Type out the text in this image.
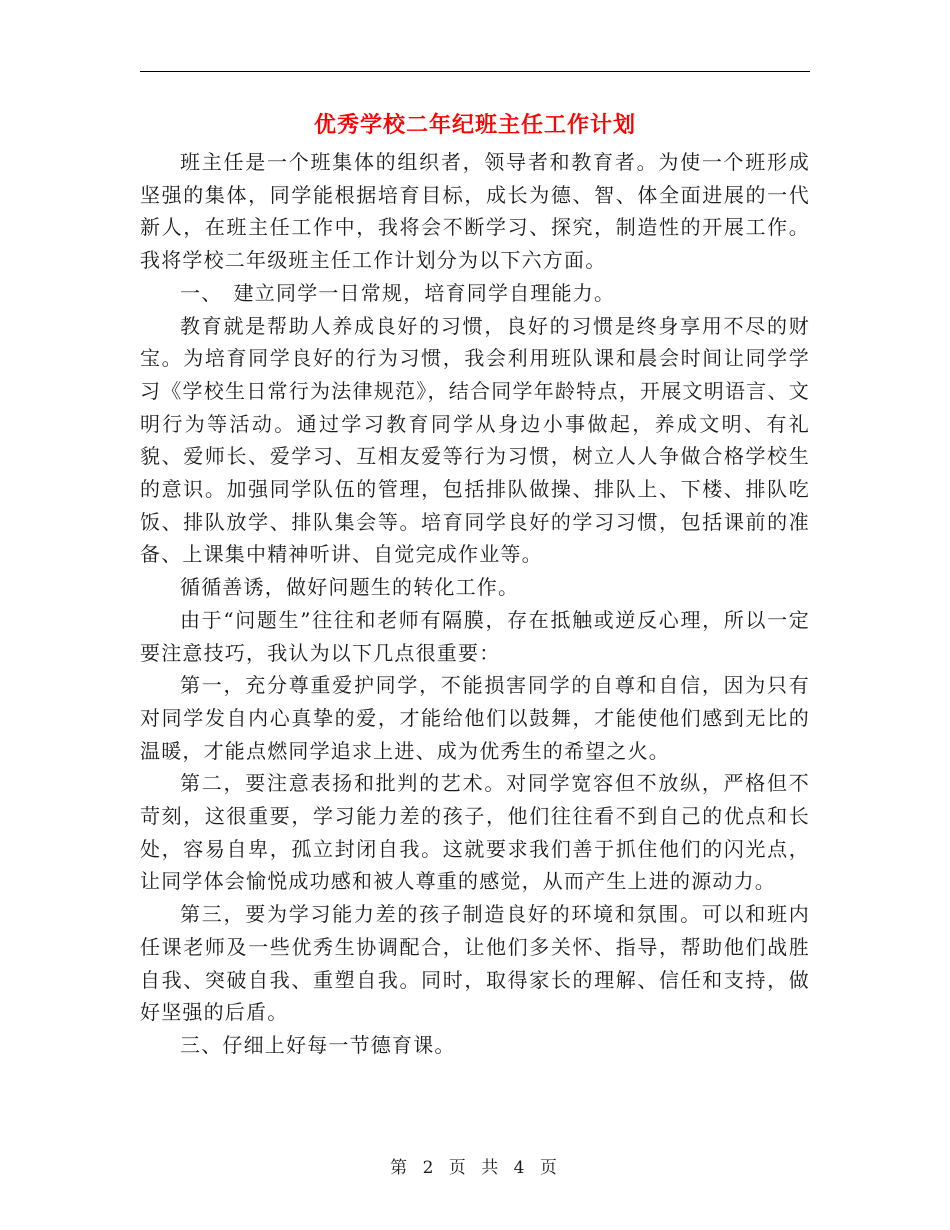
优秀学校二年纪班主任工作计划

班主任是一个班集体的组织者，领导者和教育者。为使一个班形成坚强的集体，同学能根据培育目标，成长为德、智、体全面进展的一代新人，在班主任工作中，我将会不断学习、探究，制造性的开展工作。我将学校二年级班主任工作计划分为以下六方面。

一、　建立同学一日常规，培育同学自理能力。

教育就是帮助人养成良好的习惯，良好的习惯是终身享用不尽的财宝。为培育同学良好的行为习惯，我会利用班队课和晨会时间让同学学习《学校生日常行为法律规范》，结合同学年龄特点，开展文明语言、文明行为等活动。通过学习教育同学从身边小事做起，养成文明、有礼貌、爱师长、爱学习、互相友爱等行为习惯，树立人人争做合格学校生的意识。加强同学队伍的管理，包括排队做操、排队上、下楼、排队吃饭、排队放学、排队集会等。培育同学良好的学习习惯，包括课前的准备、上课集中精神听讲、自觉完成作业等。

循循善诱，做好问题生的转化工作。

由于“问题生”往往和老师有隔膜，存在抵触或逆反心理，所以一定要注意技巧，我认为以下几点很重要：

第一，充分尊重爱护同学，不能损害同学的自尊和自信，因为只有对同学发自内心真挚的爱，才能给他们以鼓舞，才能使他们感到无比的温暖，才能点燃同学追求上进、成为优秀生的希望之火。

第二，要注意表扬和批判的艺术。对同学宽容但不放纵，严格但不苛刻，这很重要，学习能力差的孩子，他们往往看不到自己的优点和长处，容易自卑，孤立封闭自我。这就要求我们善于抓住他们的闪光点，让同学体会愉悦成功感和被人尊重的感觉，从而产生上进的源动力。

第三，要为学习能力差的孩子制造良好的环境和氛围。可以和班内任课老师及一些优秀生协调配合，让他们多关怀、指导，帮助他们战胜自我、突破自我、重塑自我。同时，取得家长的理解、信任和支持，做好坚强的后盾。

三、仔细上好每一节德育课。

第 2 页 共 4 页
